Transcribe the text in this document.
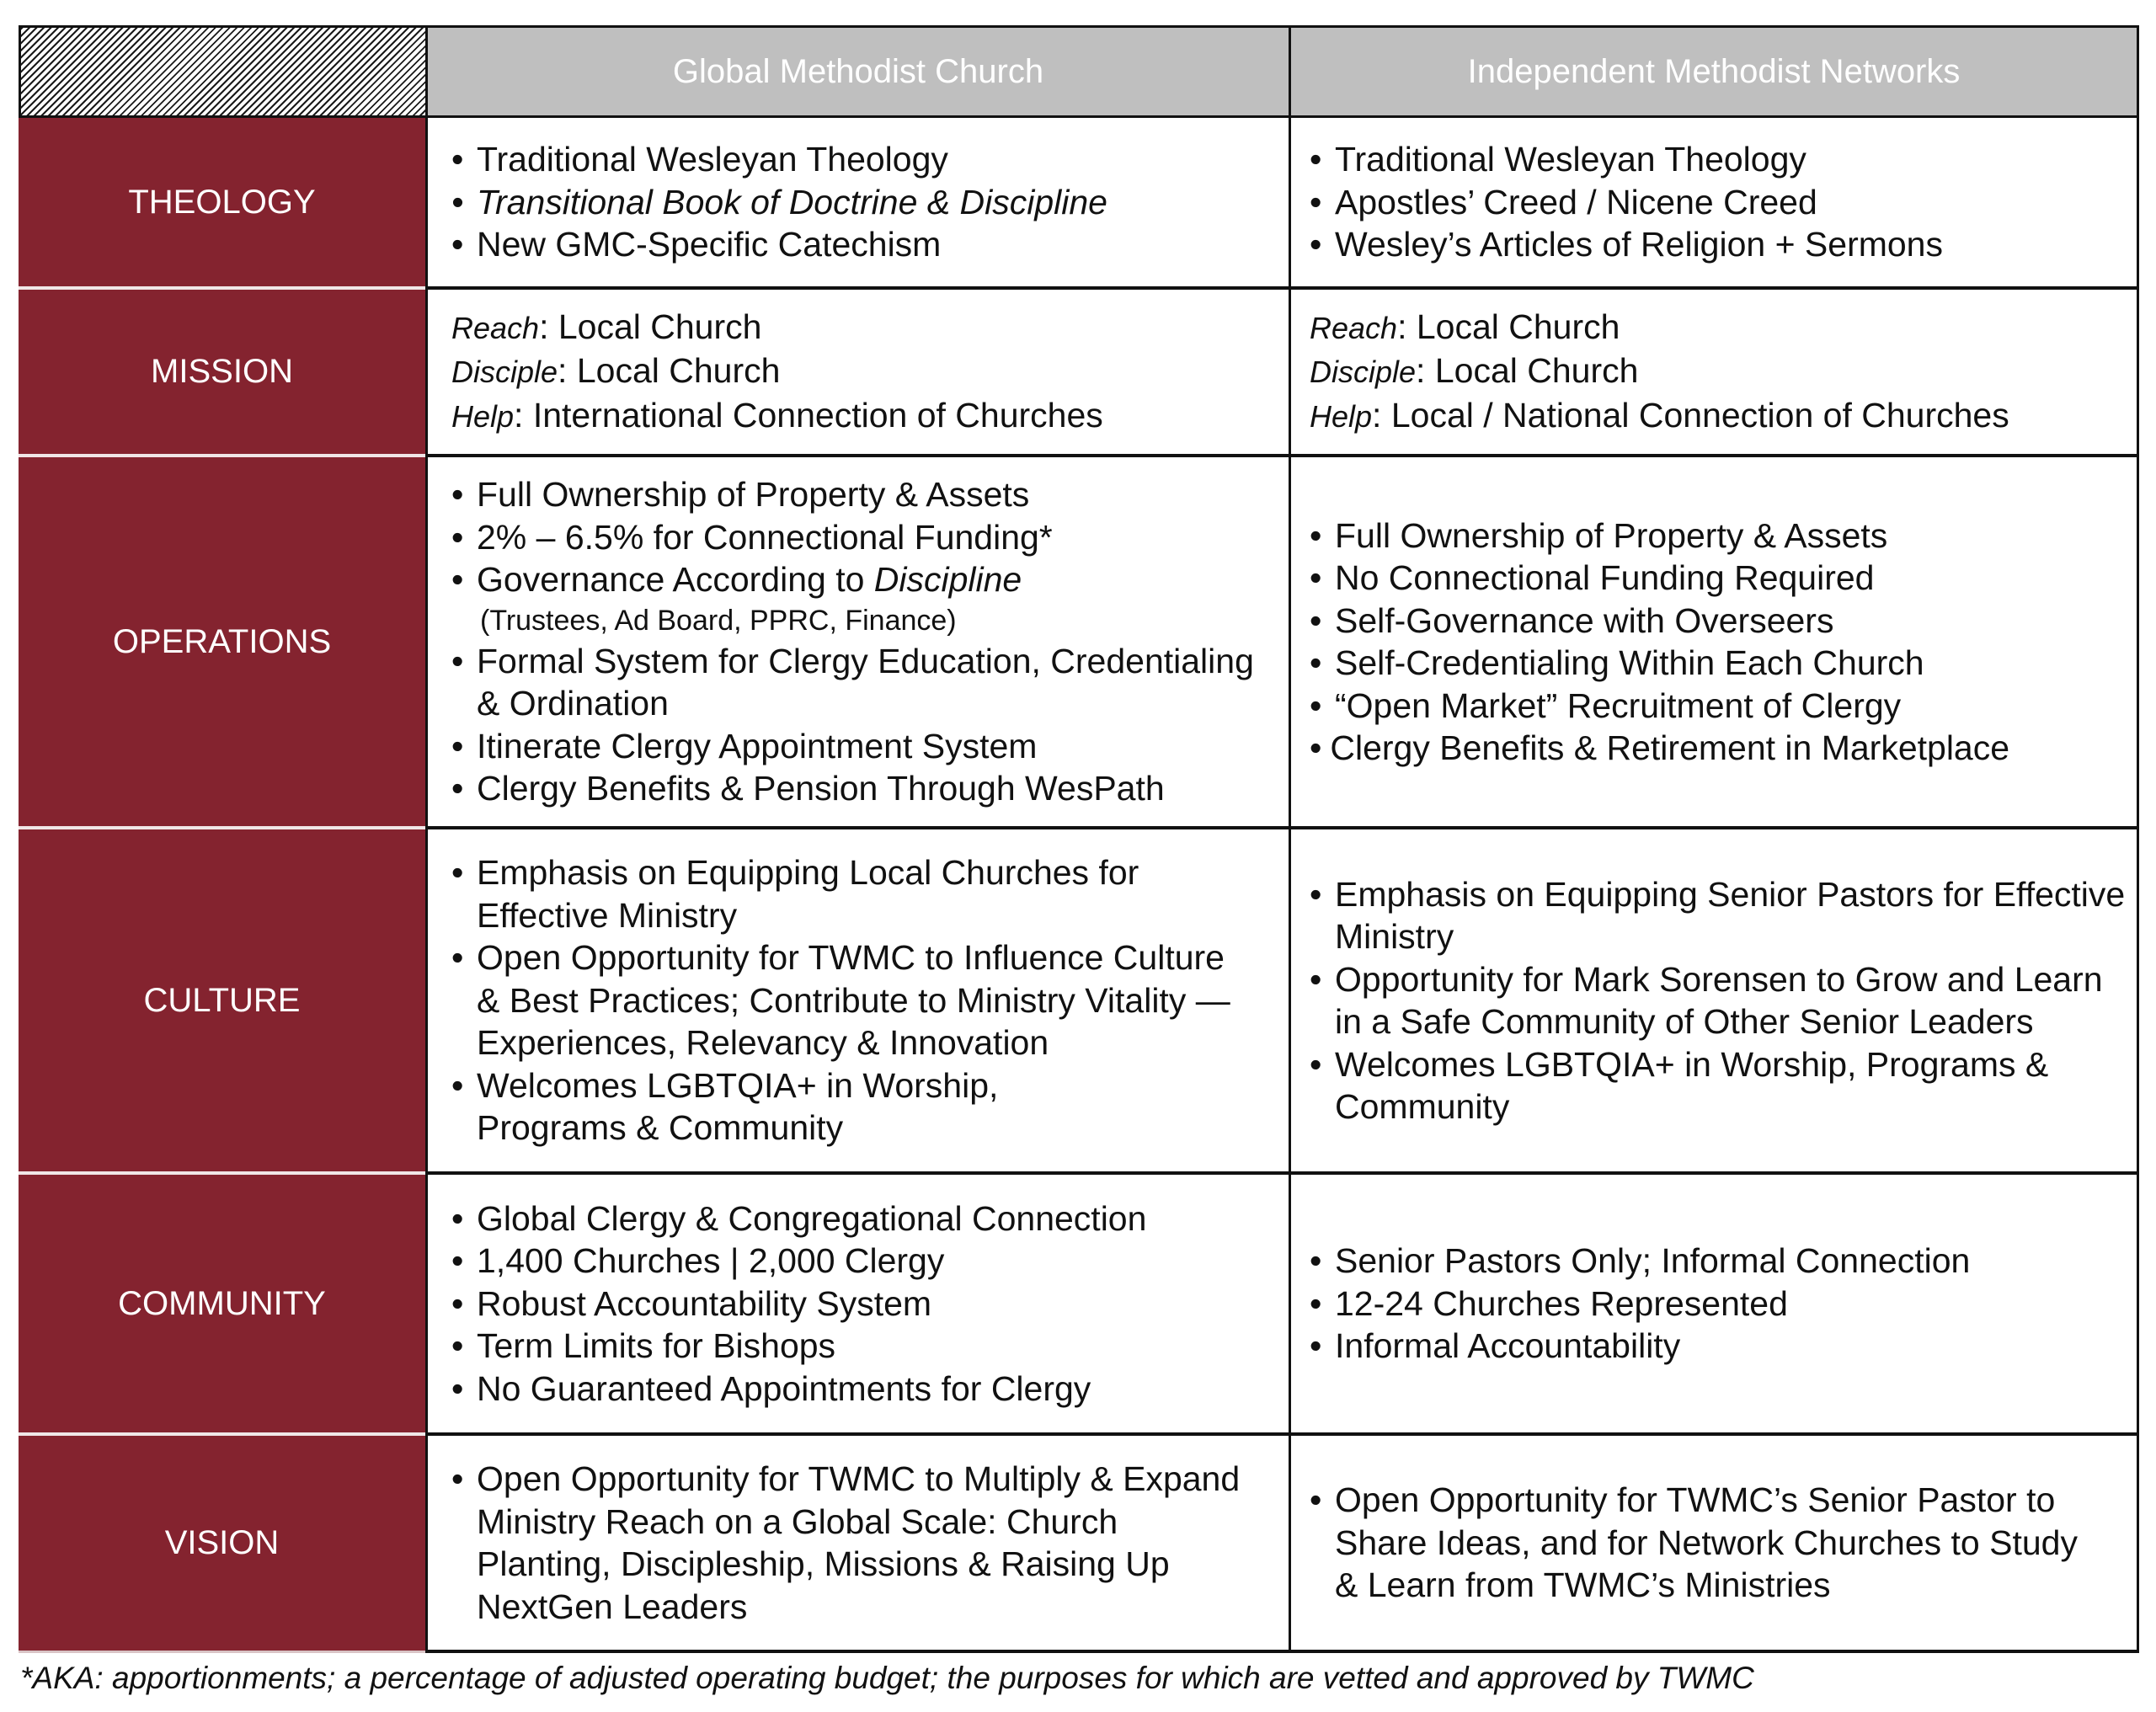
Global Methodist Church	Independent Methodist Networks
THEOLOGY
• Traditional Wesleyan Theology
• Transitional Book of Doctrine & Discipline
• New GMC-Specific Catechism
• Traditional Wesleyan Theology
• Apostles’ Creed / Nicene Creed
• Wesley’s Articles of Religion + Sermons
MISSION
Reach: Local Church
Disciple: Local Church
Help: International Connection of Churches
Reach: Local Church
Disciple: Local Church
Help: Local / National Connection of Churches
OPERATIONS
• Full Ownership of Property & Assets
• 2% – 6.5% for Connectional Funding*
• Governance According to Discipline
(Trustees, Ad Board, PPRC, Finance)
• Formal System for Clergy Education, Credentialing & Ordination
• Itinerate Clergy Appointment System
• Clergy Benefits & Pension Through WesPath
• Full Ownership of Property & Assets
• No Connectional Funding Required
• Self-Governance with Overseers
• Self-Credentialing Within Each Church
• “Open Market” Recruitment of Clergy
• Clergy Benefits & Retirement in Marketplace
CULTURE
• Emphasis on Equipping Local Churches for Effective Ministry
• Open Opportunity for TWMC to Influence Culture & Best Practices; Contribute to Ministry Vitality — Experiences, Relevancy & Innovation
• Welcomes LGBTQIA+ in Worship, Programs & Community
• Emphasis on Equipping Senior Pastors for Effective Ministry
• Opportunity for Mark Sorensen to Grow and Learn in a Safe Community of Other Senior Leaders
• Welcomes LGBTQIA+ in Worship, Programs & Community
COMMUNITY
• Global Clergy & Congregational Connection
• 1,400 Churches | 2,000 Clergy
• Robust Accountability System
• Term Limits for Bishops
• No Guaranteed Appointments for Clergy
• Senior Pastors Only; Informal Connection
• 12-24 Churches Represented
• Informal Accountability
VISION
• Open Opportunity for TWMC to Multiply & Expand Ministry Reach on a Global Scale: Church Planting, Discipleship, Missions & Raising Up NextGen Leaders
• Open Opportunity for TWMC’s Senior Pastor to Share Ideas, and for Network Churches to Study & Learn from TWMC’s Ministries
*AKA: apportionments; a percentage of adjusted operating budget; the purposes for which are vetted and approved by TWMC
